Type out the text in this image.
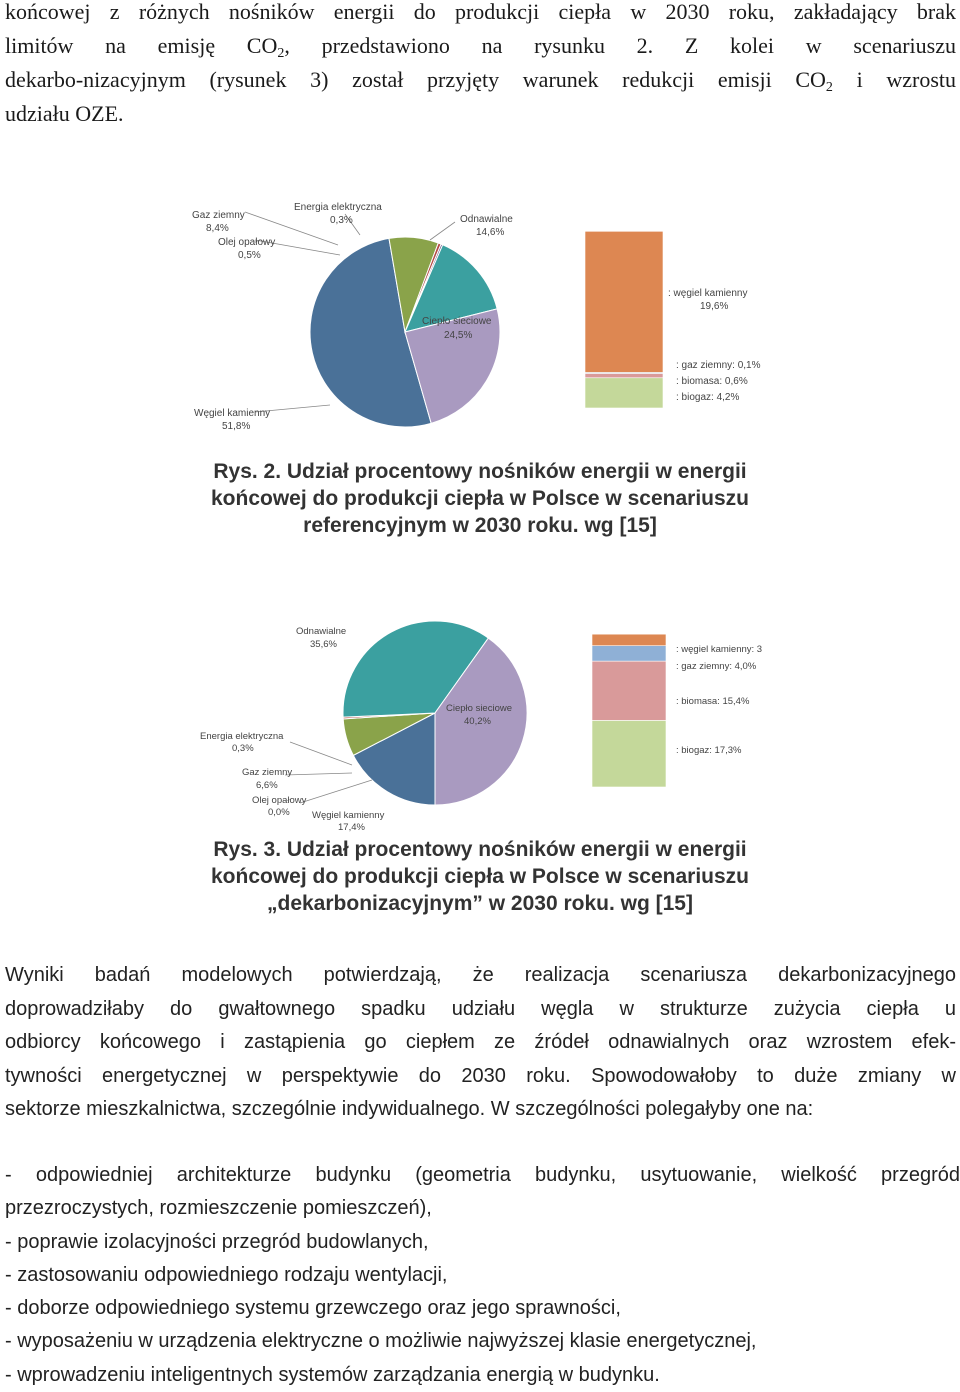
końcowej z różnych nośników energii do produkcji ciepła w 2030 roku, zakładający brak
limitów na emisję $CO_2$, przedstawiono na rysunku 2. Z kolei w scenariuszu
dekarbo-nizacyjnym (rysunek 3) został przyjęty warunek redukcji emisji $CO_2$ i wzrostu
udziału OZE.
Gaz ziemny
8,4%
Olej opałowy
0,5%
Energia elektryczna
0,3%	Odnawialne
14,6%
Ciepło sieciowe
24,5%
Węgiel kamienny
51,8%
: węgiel kamienny
19,6%
: gaz ziemny: 0,1%
: biomasa: 0,6%
: biogaz: 4,2%
Rys. 2. Udział procentowy nośników energii w energii
końcowej do produkcji ciepła w Polsce w scenariuszu
referencyjnym w 2030 roku. wg [15]
Odnawialne
35,6%
Ciepło sieciowe
40,2%
Energia elektryczna
0,3%
Gaz ziemny
6,6%
Olej opałowy
0,0% Węgiel kamienny
17,4%
: węgiel kamienny: 3
: gaz ziemny: 4,0%
: biomasa: 15,4%
: biogaz: 17,3%
Rys. 3. Udział procentowy nośników energii w energii
końcowej do produkcji ciepła w Polsce w scenariuszu
„dekarbonizacyjnym” w 2030 roku. wg [15]
Wyniki badań modelowych potwierdzają, że realizacja scenariusza dekarbonizacyjnego
doprowadziłaby do gwałtownego spadku udziału węgla w strukturze zużycia ciepła u
odbiorcy końcowego i zastąpienia go ciepłem ze źródeł odnawialnych oraz wzrostem efek-
tywności energetycznej w perspektywie do 2030 roku. Spowodowałoby to duże zmiany w
sektorze mieszkalnictwa, szczególnie indywidualnego. W szczególności polegałyby one na:
- odpowiedniej architekturze budynku (geometria budynku, usytuowanie, wielkość przegród
przezroczystych, rozmieszczenie pomieszczeń),
- poprawie izolacyjności przegród budowlanych,
- zastosowaniu odpowiedniego rodzaju wentylacji,
- doborze odpowiedniego systemu grzewczego oraz jego sprawności,
- wyposażeniu w urządzenia elektryczne o możliwie najwyższej klasie energetycznej,
- wprowadzeniu inteligentnych systemów zarządzania energią w budynku.
